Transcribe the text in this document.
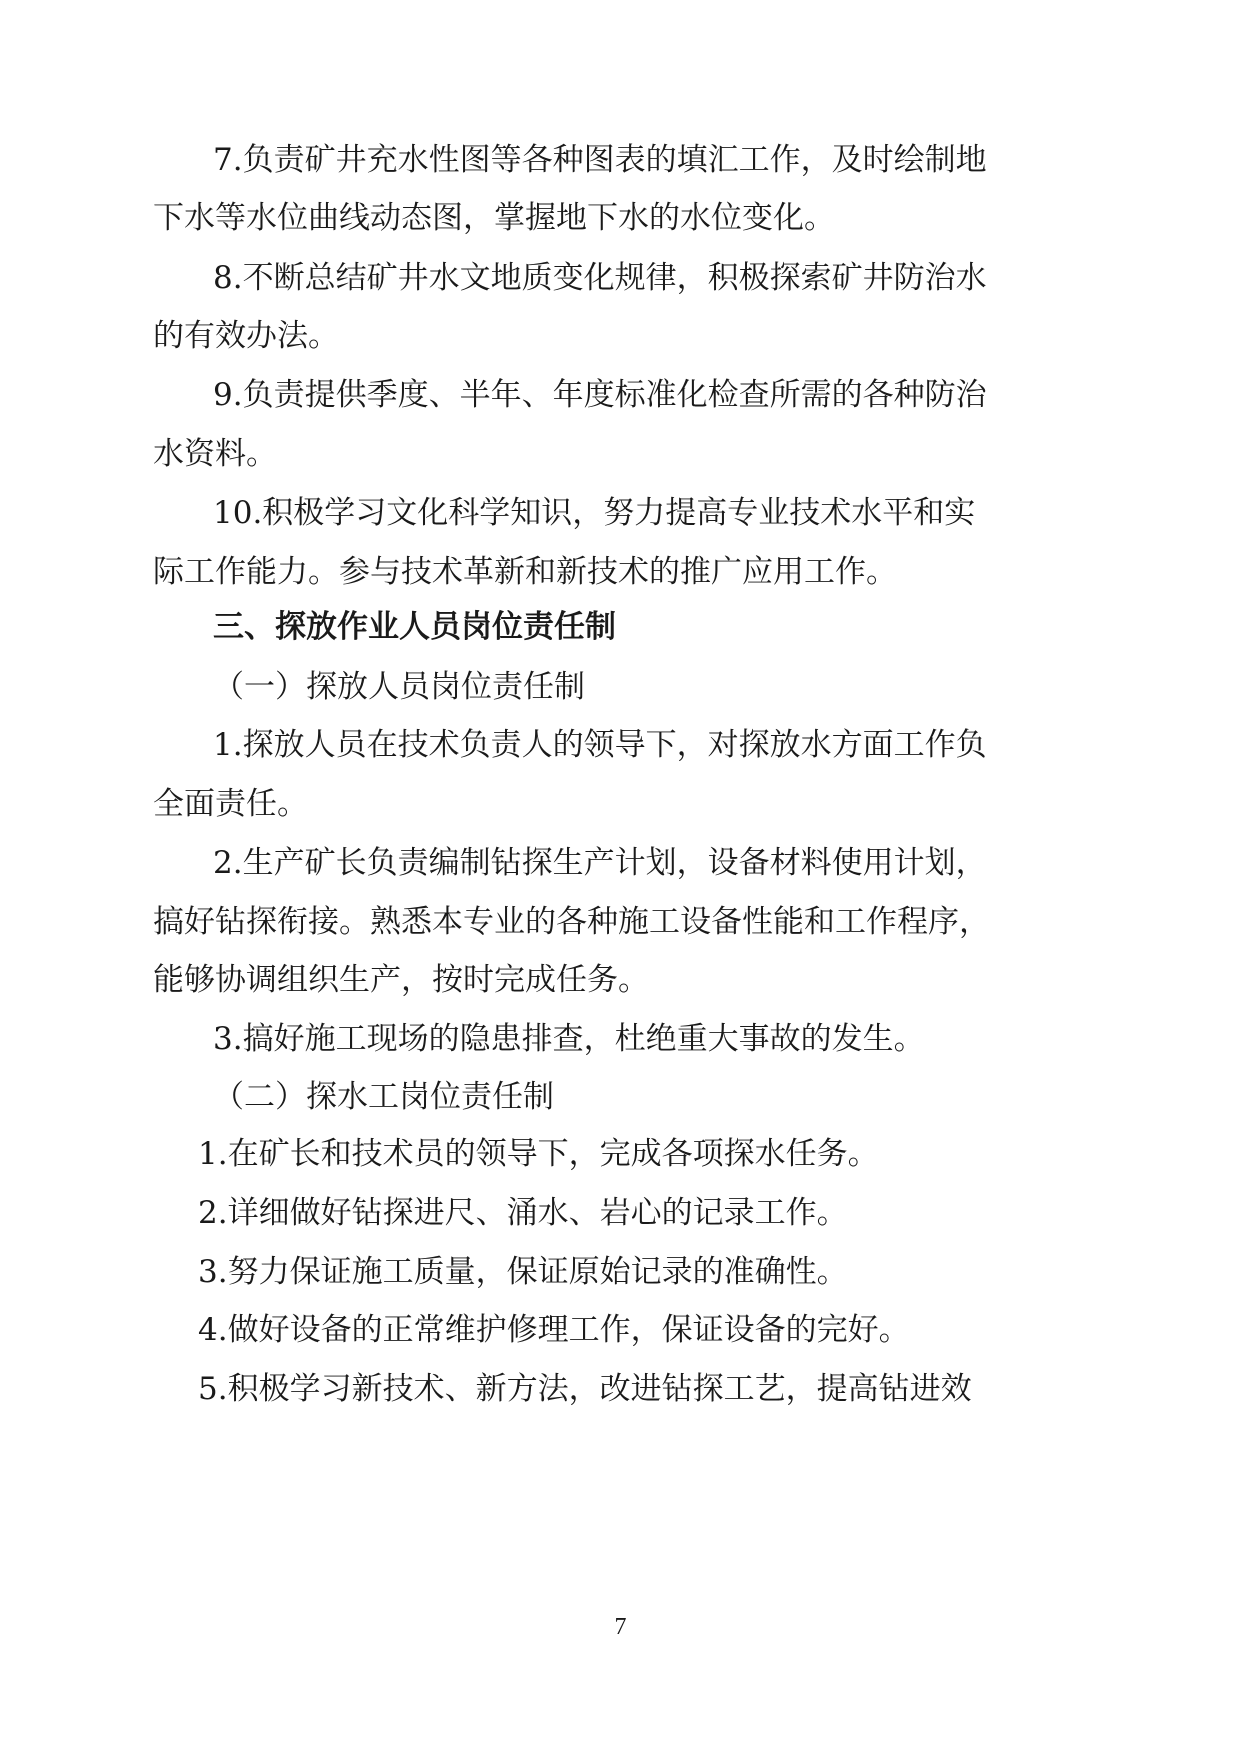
7.负责矿井充水性图等各种图表的填汇工作，及时绘制地
下水等水位曲线动态图，掌握地下水的水位变化。
8.不断总结矿井水文地质变化规律，积极探索矿井防治水
的有效办法。
9.负责提供季度、半年、年度标准化检查所需的各种防治
水资料。
10.积极学习文化科学知识，努力提高专业技术水平和实
际工作能力。参与技术革新和新技术的推广应用工作。
三、探放作业人员岗位责任制
（一）探放人员岗位责任制
1.探放人员在技术负责人的领导下，对探放水方面工作负
全面责任。
2.生产矿长负责编制钻探生产计划，设备材料使用计划，
搞好钻探衔接。熟悉本专业的各种施工设备性能和工作程序，
能够协调组织生产，按时完成任务。
3.搞好施工现场的隐患排查，杜绝重大事故的发生。
（二）探水工岗位责任制
1.在矿长和技术员的领导下，完成各项探水任务。
2.详细做好钻探进尺、涌水、岩心的记录工作。
3.努力保证施工质量，保证原始记录的准确性。
4.做好设备的正常维护修理工作，保证设备的完好。
5.积极学习新技术、新方法，改进钻探工艺，提高钻进效
7
